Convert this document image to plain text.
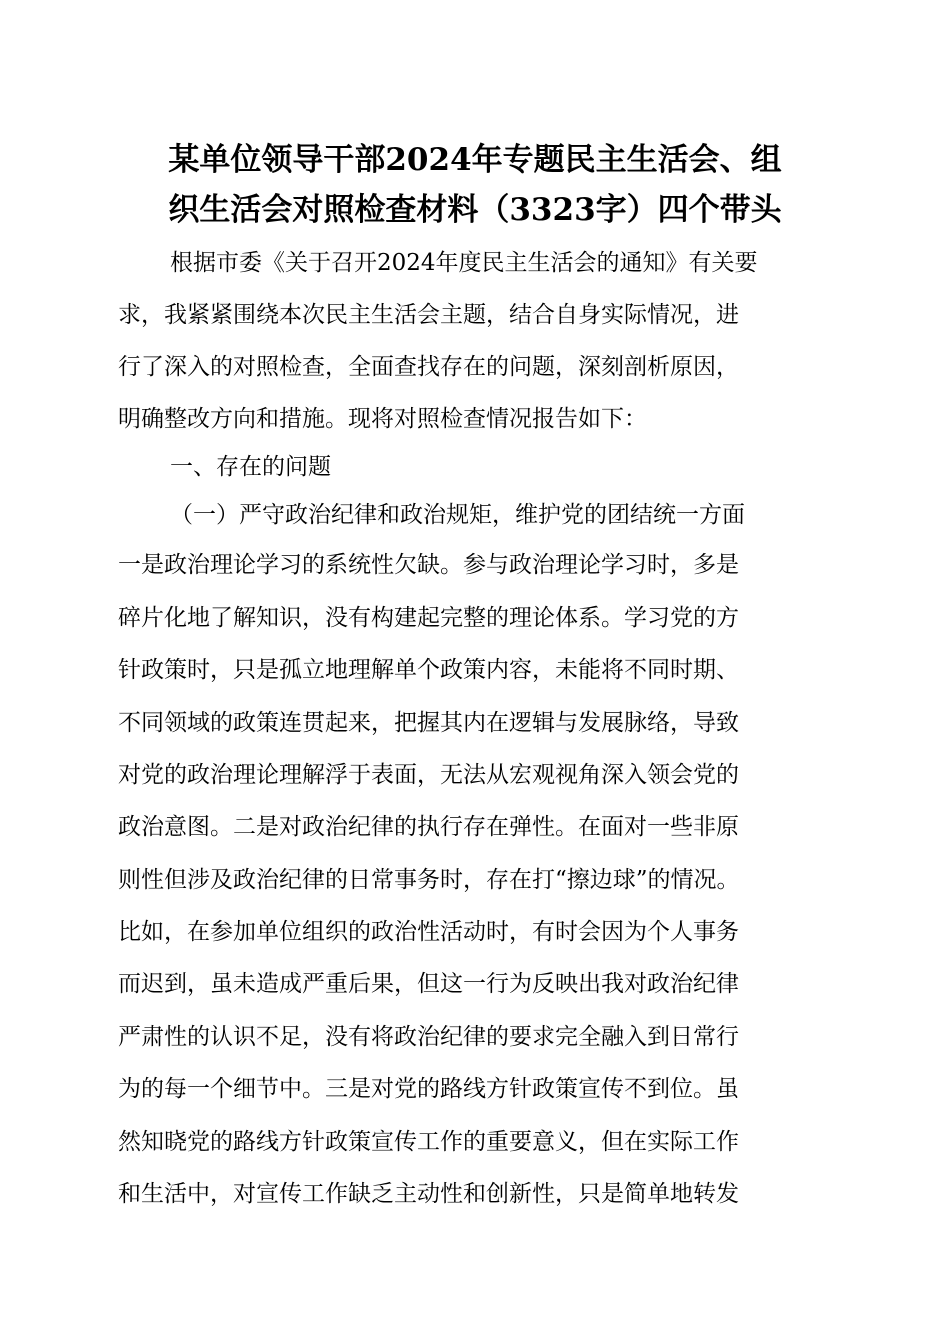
某单位领导干部2024年专题民主生活会、组
织生活会对照检查材料（3323字）四个带头

根据市委《关于召开2024年度民主生活会的通知》有关要

求，我紧紧围绕本次民主生活会主题，结合自身实际情况，进

行了深入的对照检查，全面查找存在的问题，深刻剖析原因，

明确整改方向和措施。现将对照检查情况报告如下：

一、存在的问题

（一）严守政治纪律和政治规矩，维护党的团结统一方面

一是政治理论学习的系统性欠缺。参与政治理论学习时，多是

碎片化地了解知识，没有构建起完整的理论体系。学习党的方

针政策时，只是孤立地理解单个政策内容，未能将不同时期、

不同领域的政策连贯起来，把握其内在逻辑与发展脉络，导致

对党的政治理论理解浮于表面，无法从宏观视角深入领会党的

政治意图。二是对政治纪律的执行存在弹性。在面对一些非原

则性但涉及政治纪律的日常事务时，存在打“擦边球”的情况。

比如，在参加单位组织的政治性活动时，有时会因为个人事务

而迟到，虽未造成严重后果，但这一行为反映出我对政治纪律

严肃性的认识不足，没有将政治纪律的要求完全融入到日常行

为的每一个细节中。三是对党的路线方针政策宣传不到位。虽

然知晓党的路线方针政策宣传工作的重要意义，但在实际工作

和生活中，对宣传工作缺乏主动性和创新性，只是简单地转发
